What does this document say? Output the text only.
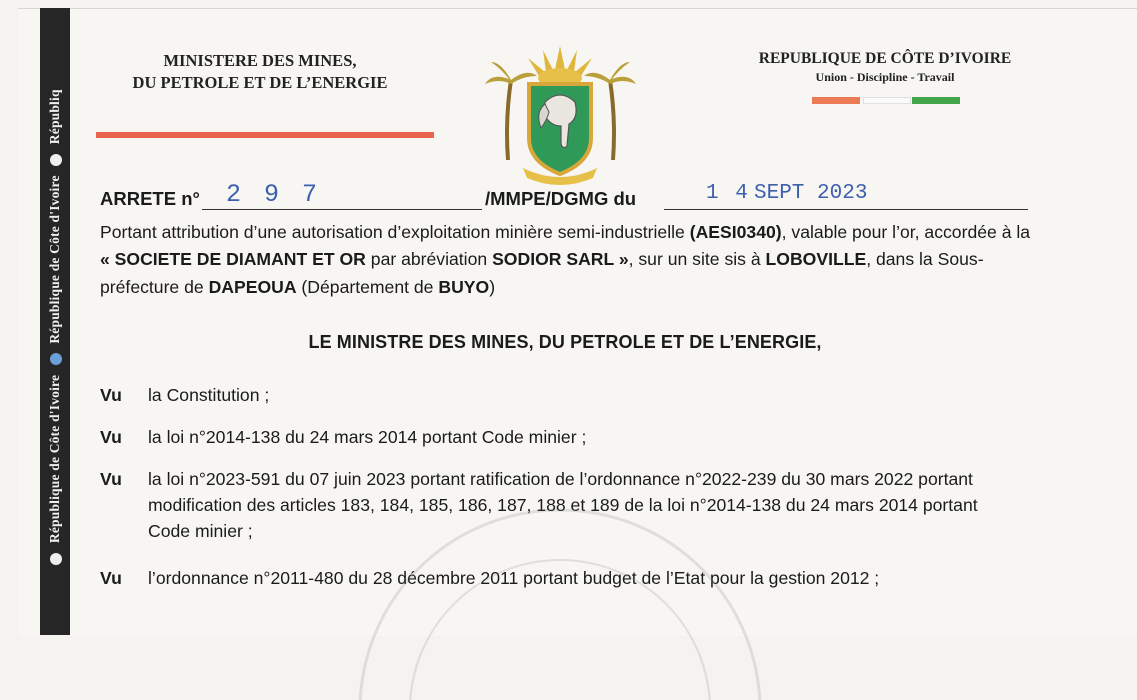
République de Côte d'Ivoire  République de Côte d'Ivoire  Républiq
MINISTERE DES MINES,
DU PETROLE ET DE L’ENERGIE
REPUBLIQUE DE CÔTE D’IVOIRE
Union - Discipline - Travail
ARRETE n° 2 9 7	/MMPE/DGMG du	1 4 SEPT 2023
Portant attribution d’une autorisation d’exploitation minière semi-industrielle (AESI0340), valable pour l’or, accordée à la « SOCIETE DE DIAMANT ET OR par abréviation SODIOR SARL », sur un site sis à LOBOVILLE, dans la Sous-préfecture de DAPEOUA (Département de BUYO)
LE MINISTRE DES MINES, DU PETROLE ET DE L’ENERGIE,
Vu la Constitution ;
Vu la loi n°2014-138 du 24 mars 2014 portant Code minier ;
Vu la loi n°2023-591 du 07 juin 2023 portant ratification de l’ordonnance n°2022-239 du 30 mars 2022 portant modification des articles 183, 184, 185, 186, 187, 188 et 189 de la loi n°2014-138 du 24 mars 2014 portant Code minier ;
Vu l’ordonnance n°2011-480 du 28 décembre 2011 portant budget de l’Etat pour la gestion 2012 ;
